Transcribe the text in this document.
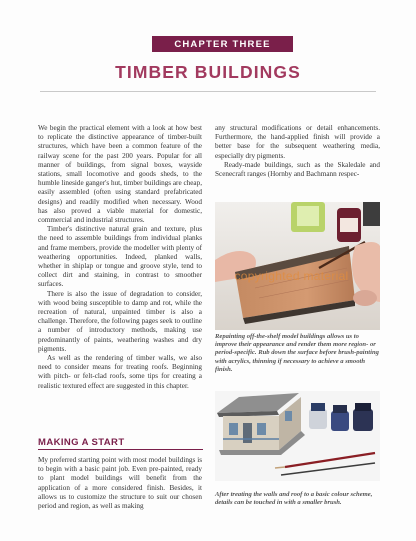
CHAPTER THREE
TIMBER BUILDINGS

We begin the practical element with a look at how best to replicate the distinctive appearance of timber-built structures, which have been a common feature of the railway scene for the past 200 years. Popular for all manner of buildings, from signal boxes, wayside stations, small locomotive and goods sheds, to the humble lineside ganger's hut, timber buildings are cheap, easily assembled (often using standard prefabricated designs) and readily modified when necessary. Wood has also proved a viable material for domestic, commercial and industrial structures.

Timber's distinctive natural grain and texture, plus the need to assemble buildings from individual planks and frame members, provide the modeller with plenty of weathering opportunities. Indeed, planked walls, whether in shiplap or tongue and groove style, tend to collect dirt and staining, in contrast to smoother surfaces.

There is also the issue of degradation to consider, with wood being susceptible to damp and rot, while the recreation of natural, unpainted timber is also a challenge. Therefore, the following pages seek to outline a number of introductory methods, making use predominantly of paints, weathering washes and dry pigments.

As well as the rendering of timber walls, we also need to consider means for treating roofs. Beginning with pitch- or felt-clad roofs, some tips for creating a realistic textured effect are suggested in this chapter.

MAKING A START

My preferred starting point with most model buildings is to begin with a basic paint job. Even pre-painted, ready to plant model buildings will benefit from the application of a more considered finish. Besides, it allows us to customize the structure to suit our chosen period and region, as well as making

any structural modifications or detail enhancements. Furthermore, the hand-applied finish will provide a better base for the subsequent weathering media, especially dry pigments.

Ready-made buildings, such as the Skaledale and Scenecraft ranges (Hornby and Bachmann respec-

copyrighted material
Repainting off-the-shelf model buildings allows us to improve their appearance and render them more region- or period-specific. Rub down the surface before brush-painting with acrylics, thinning if necessary to achieve a smooth finish.
After treating the walls and roof to a basic colour scheme, details can be touched in with a smaller brush.
